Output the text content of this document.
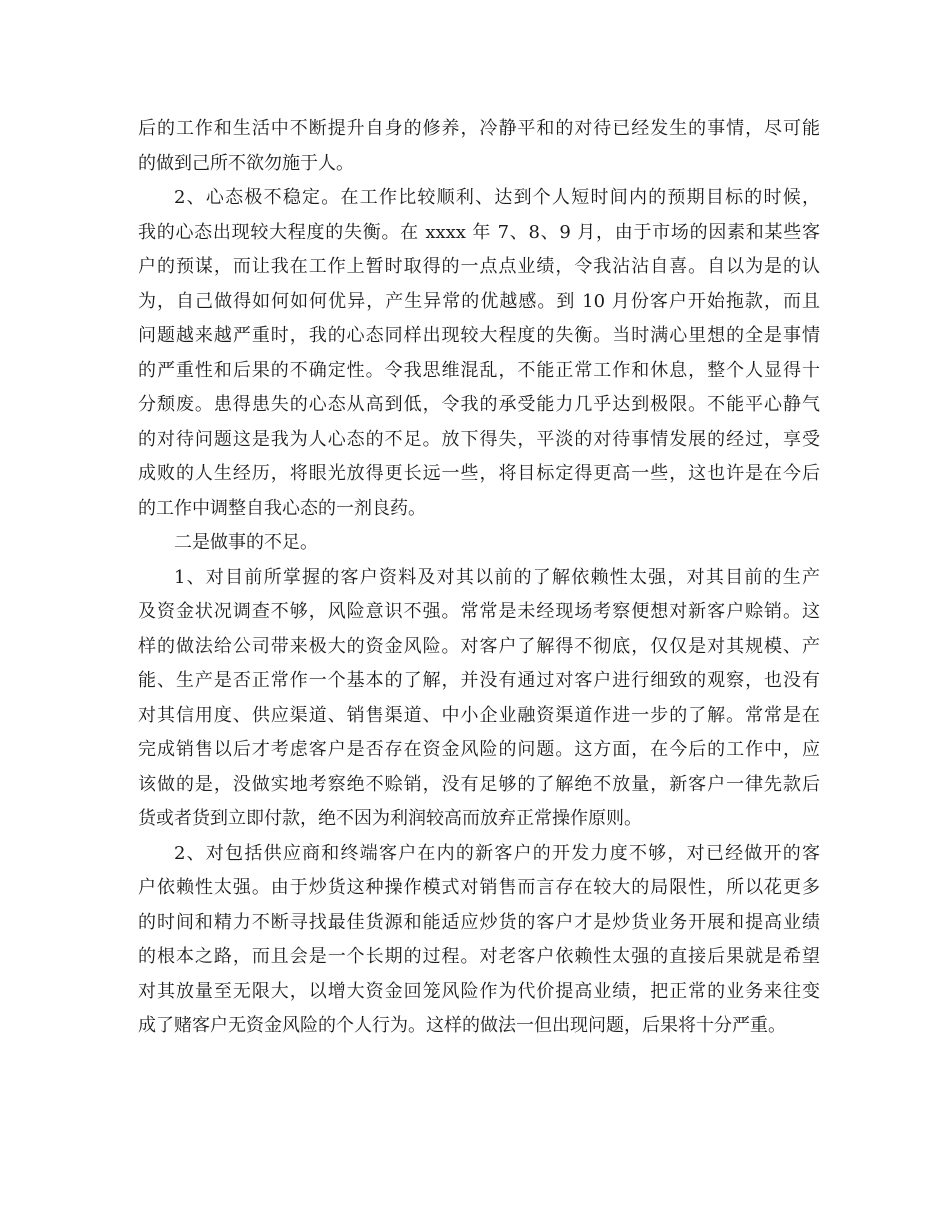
后的工作和生活中不断提升自身的修养，冷静平和的对待已经发生的事情，尽可能
的做到己所不欲勿施于人。
2、心态极不稳定。在工作比较顺利、达到个人短时间内的预期目标的时候，
我的心态出现较大程度的失衡。在 xxxx 年 7、8、9 月，由于市场的因素和某些客
户的预谋，而让我在工作上暂时取得的一点点业绩，令我沾沾自喜。自以为是的认
为，自己做得如何如何优异，产生异常的优越感。到 10 月份客户开始拖款，而且
问题越来越严重时，我的心态同样出现较大程度的失衡。当时满心里想的全是事情
的严重性和后果的不确定性。令我思维混乱，不能正常工作和休息，整个人显得十
分颓废。患得患失的心态从高到低，令我的承受能力几乎达到极限。不能平心静气
的对待问题这是我为人心态的不足。放下得失，平淡的对待事情发展的经过，享受
成败的人生经历，将眼光放得更长远一些，将目标定得更高一些，这也许是在今后
的工作中调整自我心态的一剂良药。
二是做事的不足。
1、对目前所掌握的客户资料及对其以前的了解依赖性太强，对其目前的生产
及资金状况调查不够，风险意识不强。常常是未经现场考察便想对新客户赊销。这
样的做法给公司带来极大的资金风险。对客户了解得不彻底，仅仅是对其规模、产
能、生产是否正常作一个基本的了解，并没有通过对客户进行细致的观察，也没有
对其信用度、供应渠道、销售渠道、中小企业融资渠道作进一步的了解。常常是在
完成销售以后才考虑客户是否存在资金风险的问题。这方面，在今后的工作中，应
该做的是，没做实地考察绝不赊销，没有足够的了解绝不放量，新客户一律先款后
货或者货到立即付款，绝不因为利润较高而放弃正常操作原则。
2、对包括供应商和终端客户在内的新客户的开发力度不够，对已经做开的客
户依赖性太强。由于炒货这种操作模式对销售而言存在较大的局限性，所以花更多
的时间和精力不断寻找最佳货源和能适应炒货的客户才是炒货业务开展和提高业绩
的根本之路，而且会是一个长期的过程。对老客户依赖性太强的直接后果就是希望
对其放量至无限大，以增大资金回笼风险作为代价提高业绩，把正常的业务来往变
成了赌客户无资金风险的个人行为。这样的做法一但出现问题，后果将十分严重。
